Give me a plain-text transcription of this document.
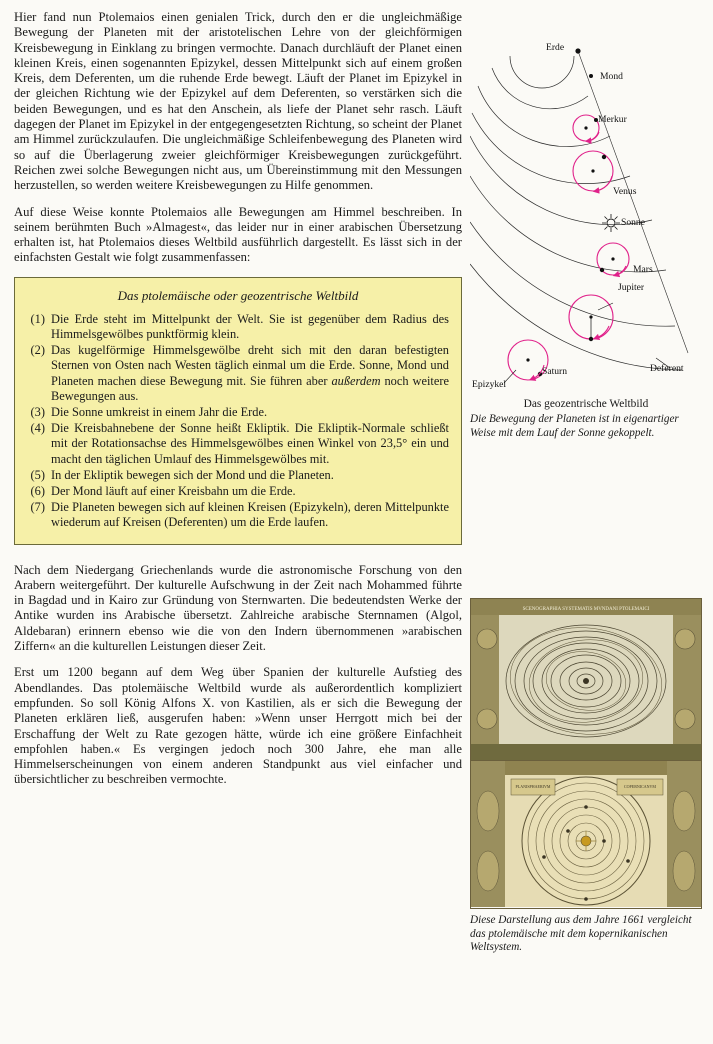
Hier fand nun Ptolemaios einen genialen Trick, durch den er die ungleichmäßige Bewegung der Planeten mit der aristotelischen Lehre von der gleichförmigen Kreisbewegung in Einklang zu bringen vermochte. Danach durchläuft der Planet einen kleinen Kreis, einen sogenannten Epizykel, dessen Mittelpunkt sich auf einem großen Kreis, dem Deferenten, um die ruhende Erde bewegt. Läuft der Planet im Epizykel in der gleichen Richtung wie der Epizykel auf dem Deferenten, so verstärken sich die beiden Bewegungen, und es hat den Anschein, als liefe der Planet sehr rasch. Läuft dagegen der Planet im Epizykel in der entgegengesetzten Richtung, so scheint der Planet am Himmel zurückzulaufen. Die ungleichmäßige Schleifenbewegung des Planeten wird so auf die Überlagerung zweier gleichförmiger Kreisbewegungen zurückgeführt. Reichen zwei solche Bewegungen nicht aus, um Übereinstimmung mit den Messungen herzustellen, so werden weitere Kreisbewegungen zu Hilfe genommen.

Auf diese Weise konnte Ptolemaios alle Bewegungen am Himmel beschreiben. In seinem berühmten Buch »Almagest«, das leider nur in einer arabischen Übersetzung erhalten ist, hat Ptolemaios dieses Weltbild ausführlich dargestellt. Es lässt sich in der einfachsten Gestalt wie folgt zusammenfassen:

Das ptolemäische oder geozentrische Weltbild
(1) Die Erde steht im Mittelpunkt der Welt. Sie ist gegenüber dem Radius des Himmelsgewölbes punktförmig klein.
(2) Das kugelförmige Himmelsgewölbe dreht sich mit den daran befestigten Sternen von Osten nach Westen täglich einmal um die Erde. Sonne, Mond und Planeten machen diese Bewegung mit. Sie führen aber außerdem noch weitere Bewegungen aus.
(3) Die Sonne umkreist in einem Jahr die Erde.
(4) Die Kreisbahnebene der Sonne heißt Ekliptik. Die Ekliptik-Normale schließt mit der Rotationsachse des Himmelsgewölbes einen Winkel von 23,5° ein und macht den täglichen Umlauf des Himmelsgewölbes mit.
(5) In der Ekliptik bewegen sich der Mond und die Planeten.
(6) Der Mond läuft auf einer Kreisbahn um die Erde.
(7) Die Planeten bewegen sich auf kleinen Kreisen (Epizykeln), deren Mittelpunkte wiederum auf Kreisen (Deferenten) um die Erde laufen.

Nach dem Niedergang Griechenlands wurde die astronomische Forschung von den Arabern weitergeführt. Der kulturelle Aufschwung in der Zeit nach Mohammed führte in Bagdad und in Kairo zur Gründung von Sternwarten. Die bedeutendsten Werke der Antike wurden ins Arabische übersetzt. Zahlreiche arabische Sternnamen (Algol, Aldebaran) erinnern ebenso wie die von den Indern übernommenen »arabischen Ziffern« an die kulturellen Leistungen dieser Zeit.

Erst um 1200 begann auf dem Weg über Spanien der kulturelle Aufstieg des Abendlandes. Das ptolemäische Weltbild wurde als außerordentlich kompliziert empfunden. So soll König Alfons X. von Kastilien, als er sich die Bewegung der Planeten erklären ließ, ausgerufen haben: »Wenn unser Herrgott mich bei der Erschaffung der Welt zu Rate gezogen hätte, würde ich eine größere Einfachheit empfohlen haben.« Es vergingen jedoch noch 300 Jahre, ehe man alle Himmelserscheinungen von einem anderen Standpunkt aus viel einfacher und übersichtlicher zu beschreiben vermochte.

Erde
Mond
Merkur
Venus
Sonne
Mars
Jupiter
Saturn
Epizykel
Deferent
Das geozentrische Weltbild
Die Bewegung der Planeten ist in eigenartiger Weise mit dem Lauf der Sonne gekoppelt.
SCENOGRAPHIA SYSTEMATIS MVNDANI PTOLEMAICI
PLANISPHAERIVM	COPERNICANVM
Diese Darstellung aus dem Jahre 1661 vergleicht das ptolemäische mit dem kopernikanischen Weltsystem.
